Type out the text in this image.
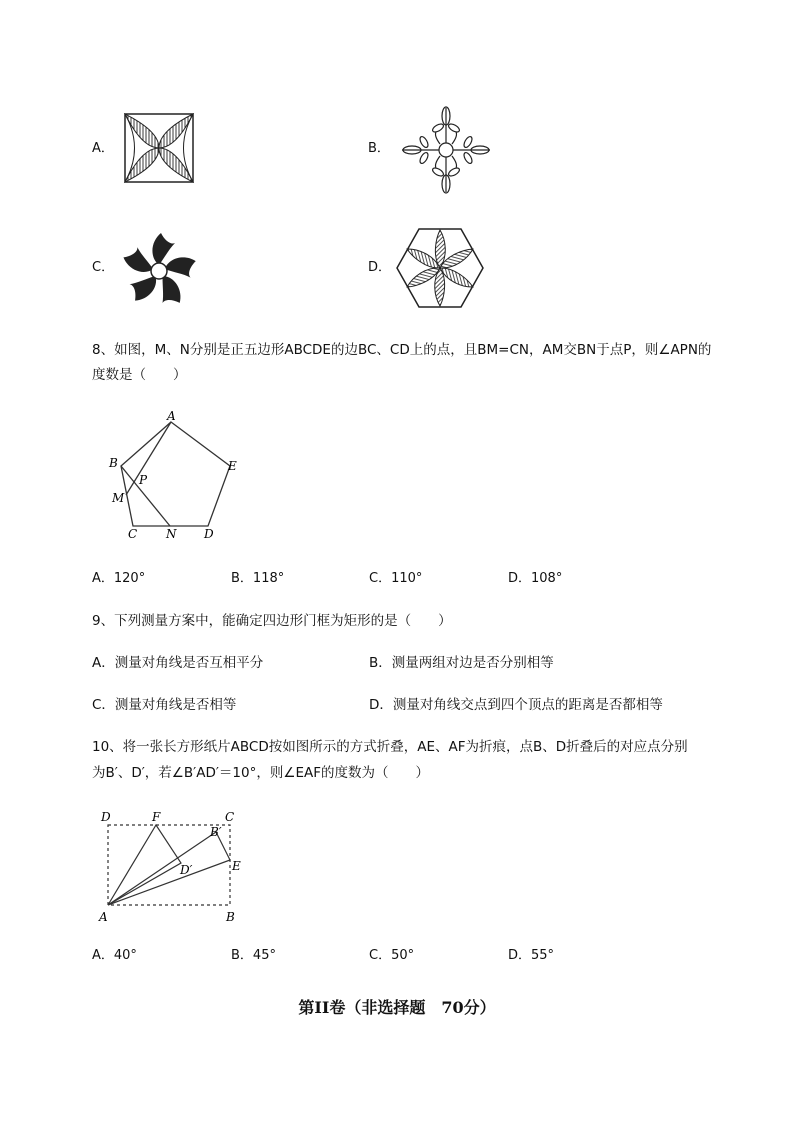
A．	B．
C．	D．
8、如图，M、N分别是正五边形ABCDE的边BC、CD上的点，且BM=CN，AM交BN于点P，则∠APN的
度数是（　　）
A
B
C	D
E
M
N
P
A．120°	B．118°	C．110°	D．108°
9、下列测量方案中，能确定四边形门框为矩形的是（　　）
A．测量对角线是否互相平分	B．测量两组对边是否分别相等
C．测量对角线是否相等	D．测量对角线交点到四个顶点的距离是否都相等
10、将一张长方形纸片ABCD按如图所示的方式折叠，AE、AF为折痕，点B、D折叠后的对应点分别
为B′、D′，若∠B′AD′＝10°，则∠EAF的度数为（　　）
A	B
C
D
E
F
B′
D′
A．40°	B．45°	C．50°	D．55°
第II卷（非选择题　70分）
